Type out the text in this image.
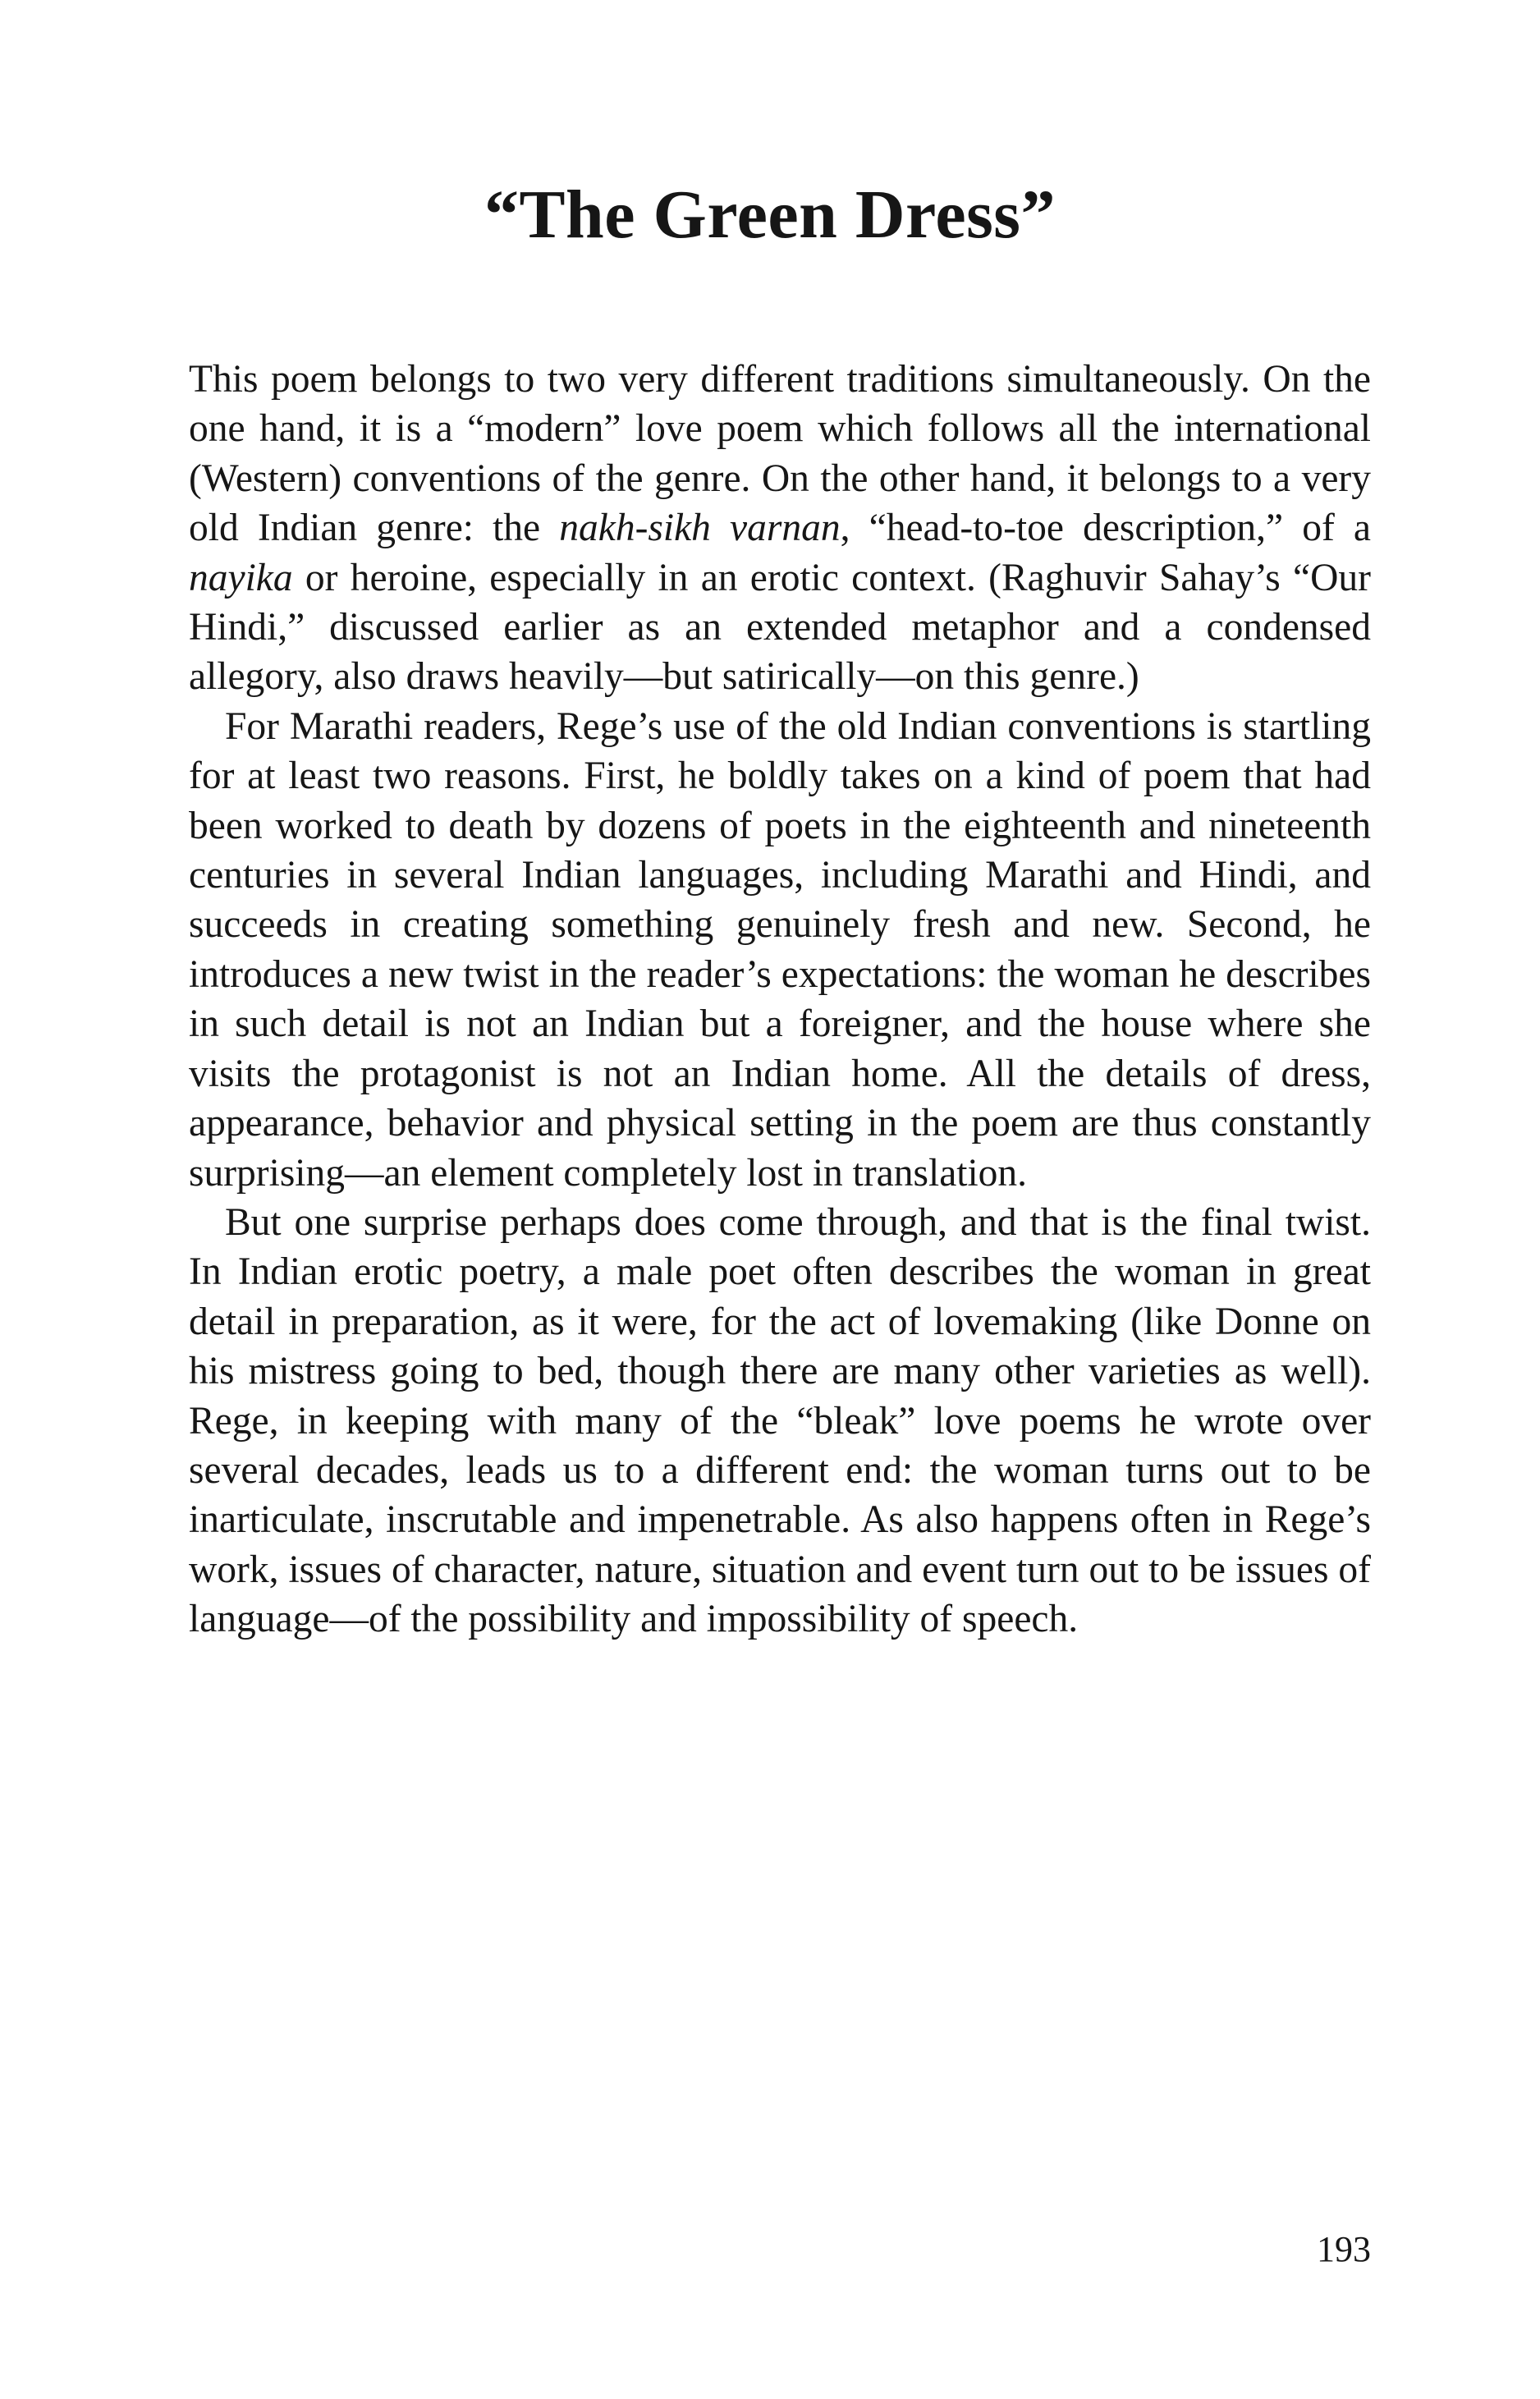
“The Green Dress”

This poem belongs to two very different traditions simultaneously. On the one hand, it is a “modern” love poem which follows all the international (Western) conventions of the genre. On the other hand, it belongs to a very old Indian genre: the nakh-sikh varnan, “head-to-toe description,” of a nayika or heroine, especially in an erotic context. (Raghuvir Sahay’s “Our Hindi,” discussed earlier as an extended metaphor and a condensed allegory, also draws heavily—but satirically—on this genre.)

For Marathi readers, Rege’s use of the old Indian conventions is startling for at least two reasons. First, he boldly takes on a kind of poem that had been worked to death by dozens of poets in the eighteenth and nineteenth centuries in several Indian languages, including Marathi and Hindi, and succeeds in creating something genuinely fresh and new. Second, he introduces a new twist in the reader’s expectations: the woman he describes in such detail is not an Indian but a foreigner, and the house where she visits the protagonist is not an Indian home. All the details of dress, appearance, behavior and physical setting in the poem are thus constantly surprising—an element completely lost in translation.

But one surprise perhaps does come through, and that is the final twist. In Indian erotic poetry, a male poet often describes the woman in great detail in preparation, as it were, for the act of lovemaking (like Donne on his mistress going to bed, though there are many other varieties as well). Rege, in keeping with many of the “bleak” love poems he wrote over several decades, leads us to a different end: the woman turns out to be inarticulate, inscrutable and impenetrable. As also happens often in Rege’s work, issues of character, nature, situation and event turn out to be issues of language—of the possibility and impossibility of speech.

193
